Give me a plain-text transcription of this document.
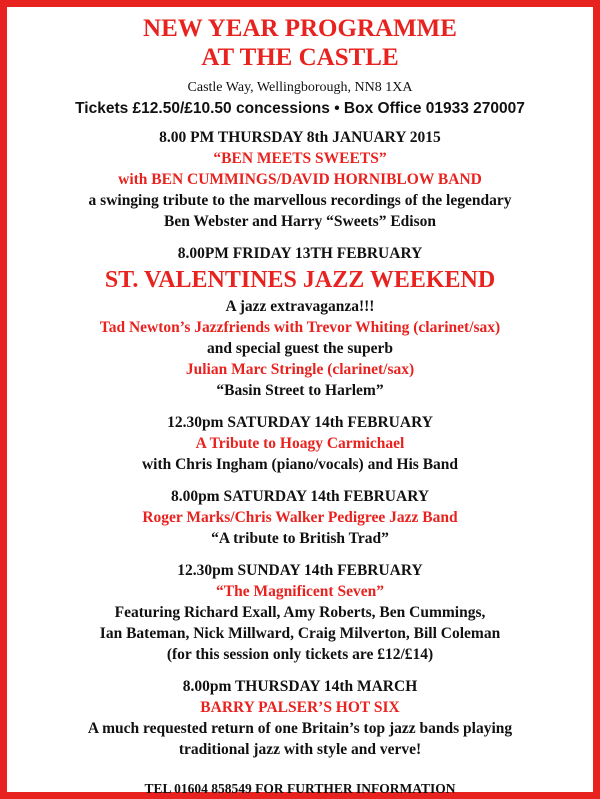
NEW YEAR PROGRAMME
AT THE CASTLE
Castle Way, Wellingborough, NN8 1XA
Tickets £12.50/£10.50 concessions • Box Office 01933 270007
8.00 PM THURSDAY 8th JANUARY 2015
“BEN MEETS SWEETS”
with BEN CUMMINGS/DAVID HORNIBLOW BAND
a swinging tribute to the marvellous recordings of the legendary
Ben Webster and Harry “Sweets” Edison
8.00PM FRIDAY 13TH FEBRUARY
ST. VALENTINES JAZZ WEEKEND
A jazz extravaganza!!!
Tad Newton’s Jazzfriends with Trevor Whiting (clarinet/sax)
and special guest the superb
Julian Marc Stringle (clarinet/sax)
“Basin Street to Harlem”
12.30pm SATURDAY 14th FEBRUARY
A Tribute to Hoagy Carmichael
with Chris Ingham (piano/vocals) and His Band
8.00pm SATURDAY 14th FEBRUARY
Roger Marks/Chris Walker Pedigree Jazz Band
“A tribute to British Trad”
12.30pm SUNDAY 14th FEBRUARY
“The Magnificent Seven”
Featuring Richard Exall, Amy Roberts, Ben Cummings,
Ian Bateman, Nick Millward, Craig Milverton, Bill Coleman
(for this session only tickets are £12/£14)
8.00pm THURSDAY 14th MARCH
BARRY PALSER’S HOT SIX
A much requested return of one Britain’s top jazz bands playing
traditional jazz with style and verve!
TEL 01604 858549 FOR FURTHER INFORMATION
